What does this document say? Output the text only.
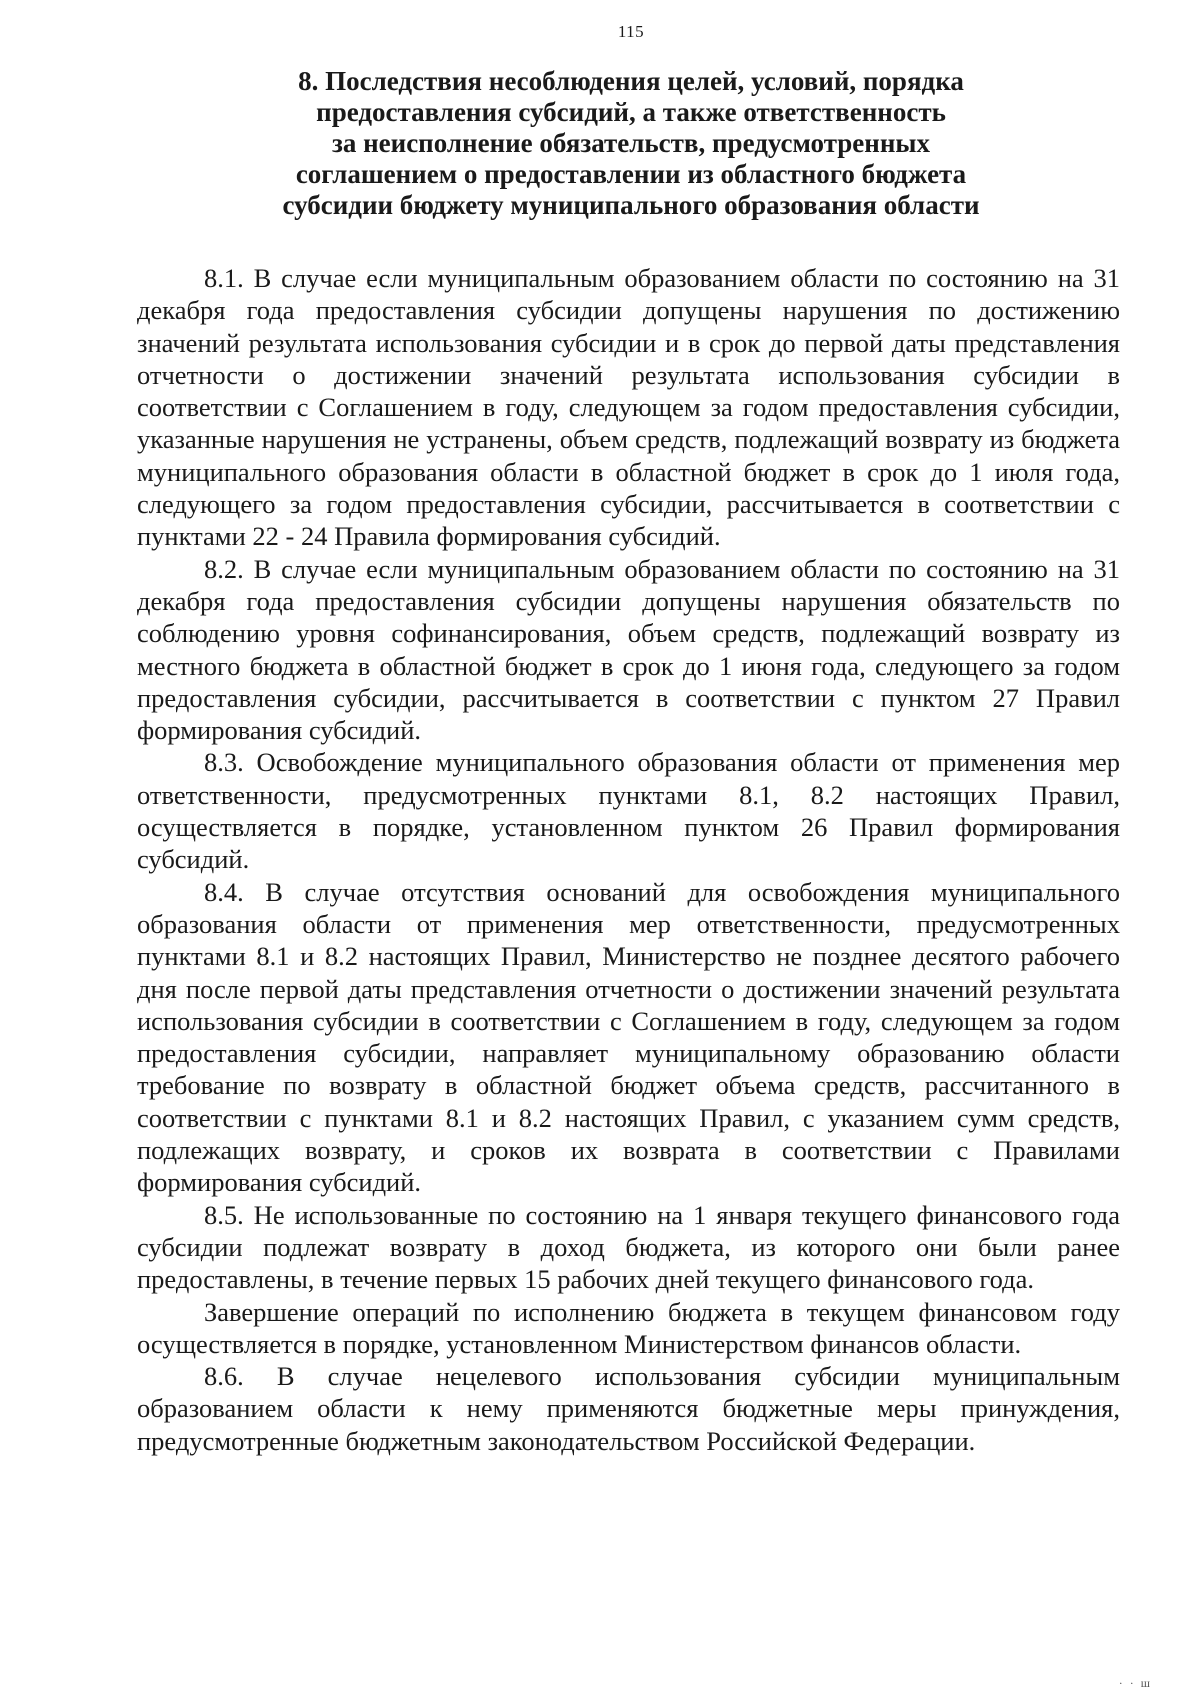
115
8. Последствия несоблюдения целей, условий, порядка
предоставления субсидий, а также ответственность
за неисполнение обязательств, предусмотренных
соглашением о предоставлении из областного бюджета
субсидии бюджету муниципального образования области

8.1. В случае если муниципальным образованием области по состоянию на 31 декабря года предоставления субсидии допущены нарушения по достижению значений результата использования субсидии и в срок до первой даты представления отчетности о достижении значений результата использования субсидии в соответствии с Соглашением в году, следующем за годом предоставления субсидии, указанные нарушения не устранены, объем средств, подлежащий возврату из бюджета муниципального образования области в областной бюджет в срок до 1 июля года, следующего за годом предоставления субсидии, рассчитывается в соответствии с пунктами 22 - 24 Правила формирования субсидий.

8.2. В случае если муниципальным образованием области по состоянию на 31 декабря года предоставления субсидии допущены нарушения обязательств по соблюдению уровня софинансирования, объем средств, подлежащий возврату из местного бюджета в областной бюджет в срок до 1 июня года, следующего за годом предоставления субсидии, рассчитывается в соответствии с пунктом 27 Правил формирования субсидий.

8.3. Освобождение муниципального образования области от применения мер ответственности, предусмотренных пунктами 8.1, 8.2 настоящих Правил, осуществляется в порядке, установленном пунктом 26 Правил формирования субсидий.

8.4. В случае отсутствия оснований для освобождения муниципального образования области от применения мер ответственности, предусмотренных пунктами 8.1 и 8.2 настоящих Правил, Министерство не позднее десятого рабочего дня после первой даты представления отчетности о достижении значений результата использования субсидии в соответствии с Соглашением в году, следующем за годом предоставления субсидии, направляет муниципальному образованию области требование по возврату в областной бюджет объема средств, рассчитанного в соответствии с пунктами 8.1 и 8.2 настоящих Правил, с указанием сумм средств, подлежащих возврату, и сроков их возврата в соответствии с Правилами формирования субсидий.

8.5. Не использованные по состоянию на 1 января текущего финансового года субсидии подлежат возврату в доход бюджета, из которого они были ранее предоставлены, в течение первых 15 рабочих дней текущего финансового года.

Завершение операций по исполнению бюджета в текущем финансовом году осуществляется в порядке, установленном Министерством финансов области.

8.6. В случае нецелевого использования субсидии муниципальным образованием области к нему применяются бюджетные меры принуждения, предусмотренные бюджетным законодательством Российской Федерации.

· · ш
